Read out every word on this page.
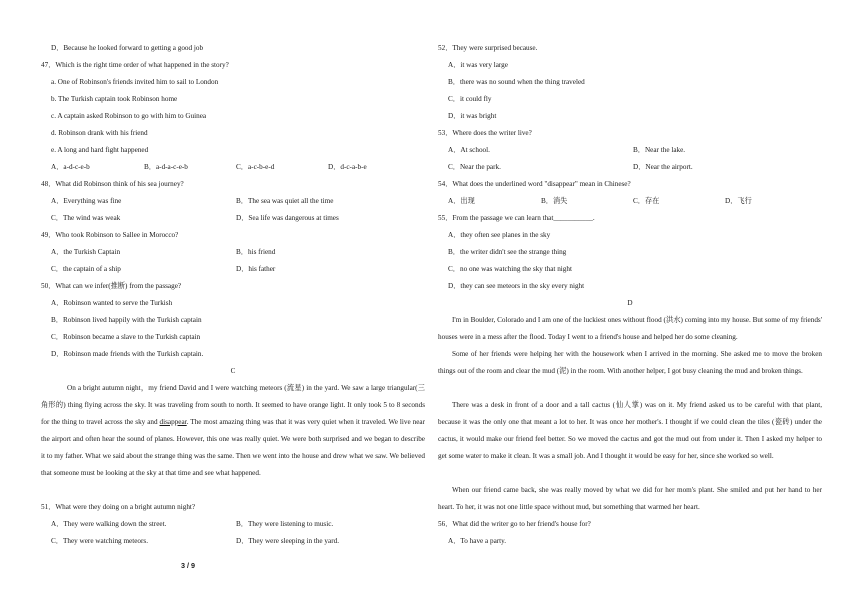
D．Because he looked forward to getting a good job
47．Which is the right time order of what happened in the story?
a. One of Robinson's friends invited him to sail to London
b. The Turkish captain took Robinson home
c. A captain asked Robinson to go with him to Guinea
d. Robinson drank with his friend
e. A long and hard fight happened
A．a-d-c-e-b	B．a-d-a-c-e-b	C．a-c-b-e-d	D．d-c-a-b-e
48．What did Robinson think of his sea journey?
A．Everything was fine	B．The sea was quiet all the time
C．The wind was weak	D．Sea life was dangerous at times
49．Who took Robinson to Sallee in Morocco?
A．the Turkish Captain	B．his friend
C．the captain of a ship	D．his father
50．What can we infer(推断) from the passage?
A．Robinson wanted to serve the Turkish
B．Robinson lived happily with the Turkish captain
C．Robinson became a slave to the Turkish captain
D．Robinson made friends with the Turkish captain.
C
On a bright autumn night，my friend David and I were watching meteors (流星) in the yard. We saw a large triangular(三角形的) thing flying across the sky. It was traveling from south to north. It seemed to have orange light. It only took 5 to 8 seconds for the thing to travel across the sky and disappear. The most amazing thing was that it was very quiet when it traveled. We live near the airport and often hear the sound of planes. However, this one was really quiet. We were both surprised and we began to describe it to my father. What we said about the strange thing was the same. Then we went into the house and drew what we saw. We believed that someone must be looking at the sky at that time and see what happened.
51．What were they doing on a bright autumn night?
A．They were walking down the street.	B．They were listening to music.
C．They were watching meteors.	D．They were sleeping in the yard.
52．They were surprised because.
A．it was very large
B．there was no sound when the thing traveled
C．it could fly
D．it was bright
53．Where does the writer live?
A．At school.	B．Near the lake.
C．Near the park.	D．Near the airport.
54．What does the underlined word "disappear" mean in Chinese?
A．出现	B．消失	C．存在	D．飞行
55．From the passage we can learn that___________.
A．they often see planes in the sky
B．the writer didn't see the strange thing
C．no one was watching the sky that night
D．they can see meteors in the sky every night
D
I'm in Boulder, Colorado and I am one of the luckiest ones without flood (洪水) coming into my house. But some of my friends' houses were in a mess after the flood. Today I went to a friend's house and helped her do some cleaning.
Some of her friends were helping her with the housework when I arrived in the morning. She asked me to move the broken things out of the room and clear the mud (泥) in the room. With another helper, I got busy cleaning the mud and broken things.
There was a desk in front of a door and a tall cactus (仙人掌) was on it. My friend asked us to be careful with that plant, because it was the only one that meant a lot to her. It was once her mother's. I thought if we could clean the tiles (瓷砖) under the cactus, it would make our friend feel better. So we moved the cactus and got the mud out from under it. Then I asked my helper to get some water to make it clean. It was a small job. And I thought it would be easy for her, since she worked so well.
When our friend came back, she was really moved by what we did for her mom's plant. She smiled and put her hand to her heart. To her, it was not one little space without mud, but something that warmed her heart.
56．What did the writer go to her friend's house for?
A．To have a party.
3 / 9
